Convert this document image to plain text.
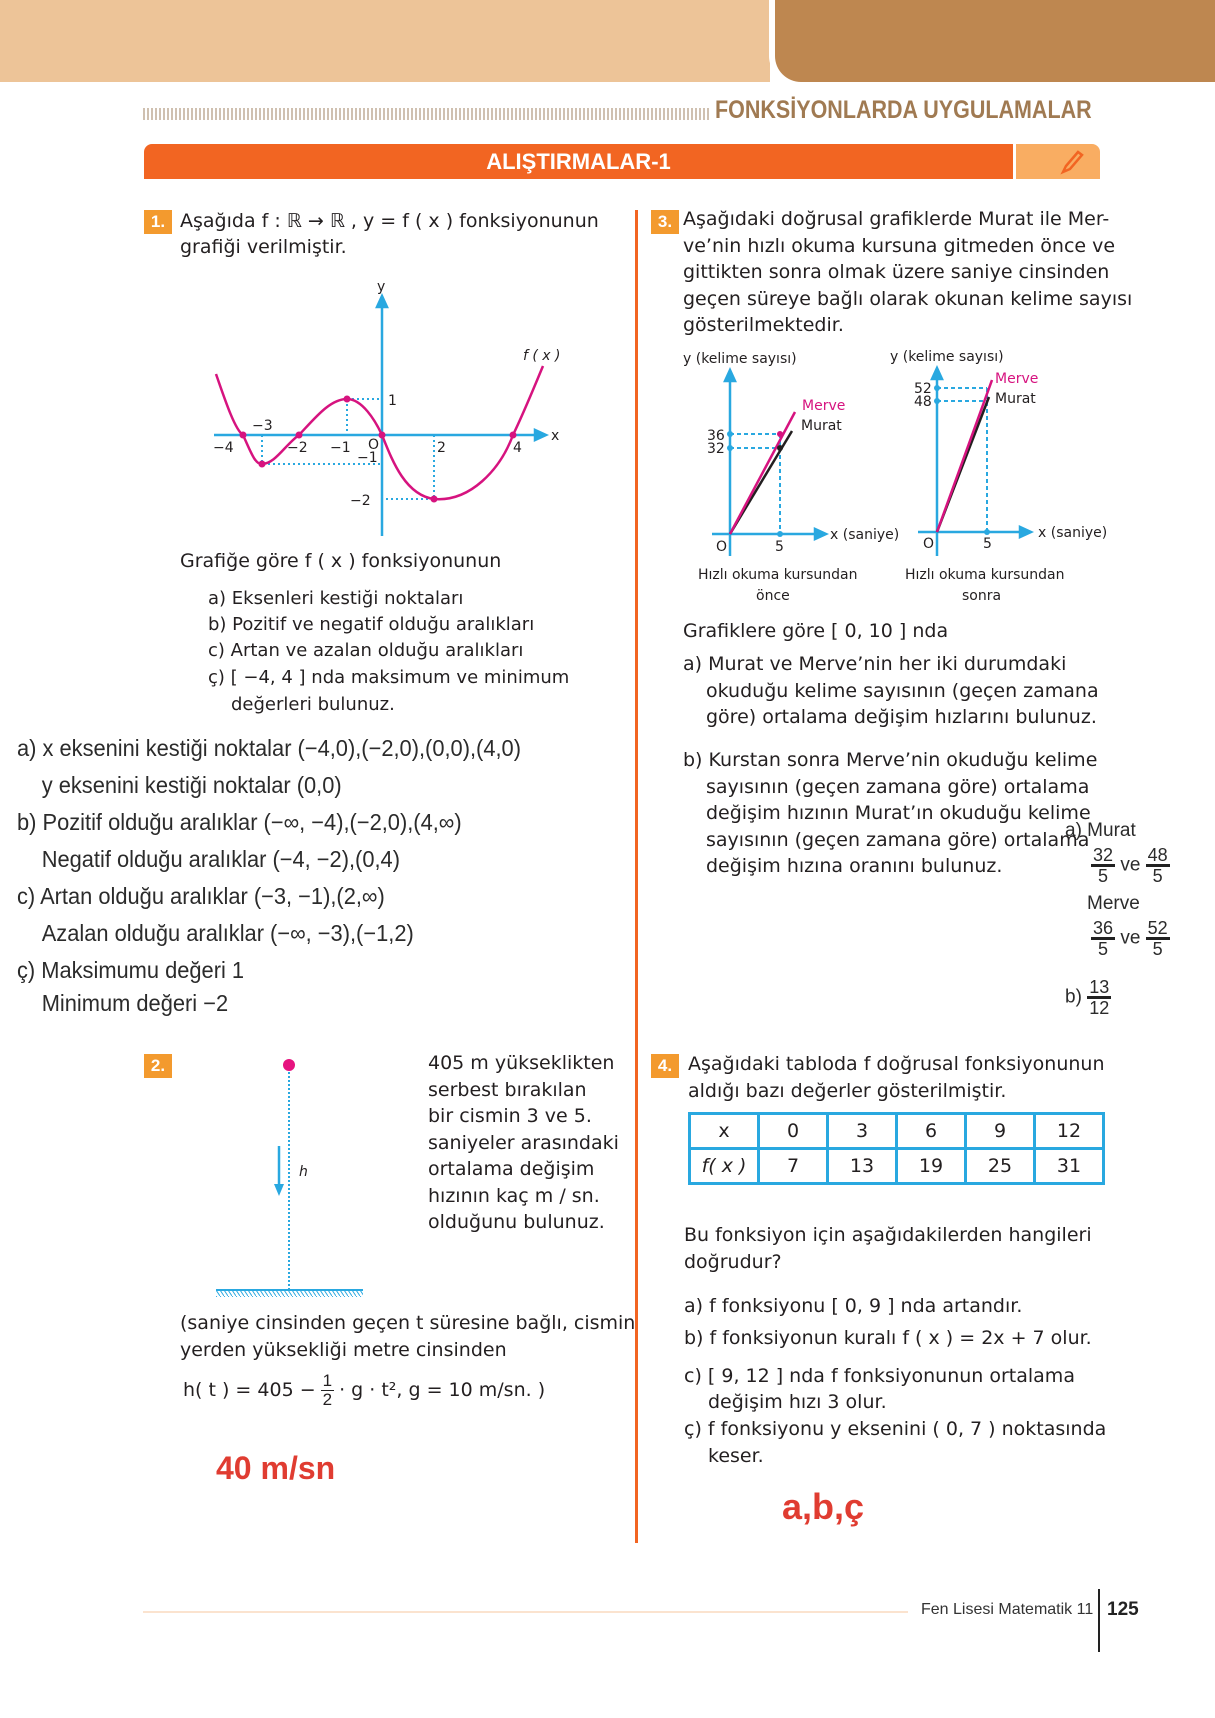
FONKSİYONLARDA UYGULAMALAR
ALIŞTIRMALAR-1
1. Aşağıda f : ℝ → ℝ , y = f ( x ) fonksiyonunun
grafiği verilmiştir.
y
x
f ( x )
−4
−3
−2 −1 O	2	4
1
−1
−2
Grafiğe göre f ( x ) fonksiyonunun
a) Eksenleri kestiği noktaları
b) Pozitif ve negatif olduğu aralıkları
c) Artan ve azalan olduğu aralıkları
ç) [ −4, 4 ] nda maksimum ve minimum
değerleri bulunuz.
a) x eksenini kestiği noktalar (−4,0),(−2,0),(0,0),(4,0)
y eksenini kestiği noktalar (0,0)
b) Pozitif olduğu aralıklar (−∞, −4),(−2,0),(4,∞)
Negatif olduğu aralıklar (−4, −2),(0,4)
c) Artan olduğu aralıklar (−3, −1),(2,∞)
Azalan olduğu aralıklar (−∞, −3),(−1,2)
ç) Maksimumu değeri 1
Minimum değeri −2
2.
h
405 m yükseklikten
serbest bırakılan
bir cismin 3 ve 5.
saniyeler arasındaki
ortalama değişim
hızının kaç m / sn.
olduğunu bulunuz.
(saniye cinsinden geçen t süresine bağlı, cismin
yerden yüksekliği metre cinsinden
h( t ) = $405 - \frac{1}{2} \cdot g \cdot t^2$, g = 10 m/sn. )
40 m/sn
3. Aşağıdaki doğrusal grafiklerde Murat ile Mer-
ve’nin hızlı okuma kursuna gitmeden önce ve
gittikten sonra olmak üzere saniye cinsinden
geçen süreye bağlı olarak okunan kelime sayısı
gösterilmektedir.
y (kelime sayısı)
x (saniye)
O	5
36
32
Merve
Murat
Hızlı okuma kursundan
önce
y (kelime sayısı)
x (saniye)
O	5
52
48
Merve
Murat
Hızlı okuma kursundan
sonra
Grafiklere göre [ 0, 10 ] nda
a) Murat ve Merve’nin her iki durumdaki
okuduğu kelime sayısının (geçen zamana
göre) ortalama değişim hızlarını bulunuz.
b) Kurstan sonra Merve’nin okuduğu kelime
sayısının (geçen zamana göre) ortalama
değişim hızının Murat’ın okuduğu kelime
sayısının (geçen zamana göre) ortalama
değişim hızına oranını bulunuz.
a) Murat
$\frac{32}{5}$ ve $\frac{48}{5}$
Merve
$\frac{36}{5}$ ve $\frac{52}{5}$
$b) \frac{13}{12}$
4. Aşağıdaki tabloda f doğrusal fonksiyonunun
aldığı bazı değerler gösterilmiştir.
x	0	3	6	9	12
f( x )	7	13	19	25	31
Bu fonksiyon için aşağıdakilerden hangileri
doğrudur?
a) f fonksiyonu [ 0, 9 ] nda artandır.
b) f fonksiyonun kuralı f ( x ) = 2x + 7 olur.
c) [ 9, 12 ] nda f fonksiyonunun ortalama
değişim hızı 3 olur.
ç) f fonksiyonu y eksenini ( 0, 7 ) noktasında
keser.
a,b,ç
Fen Lisesi Matematik 11 125
